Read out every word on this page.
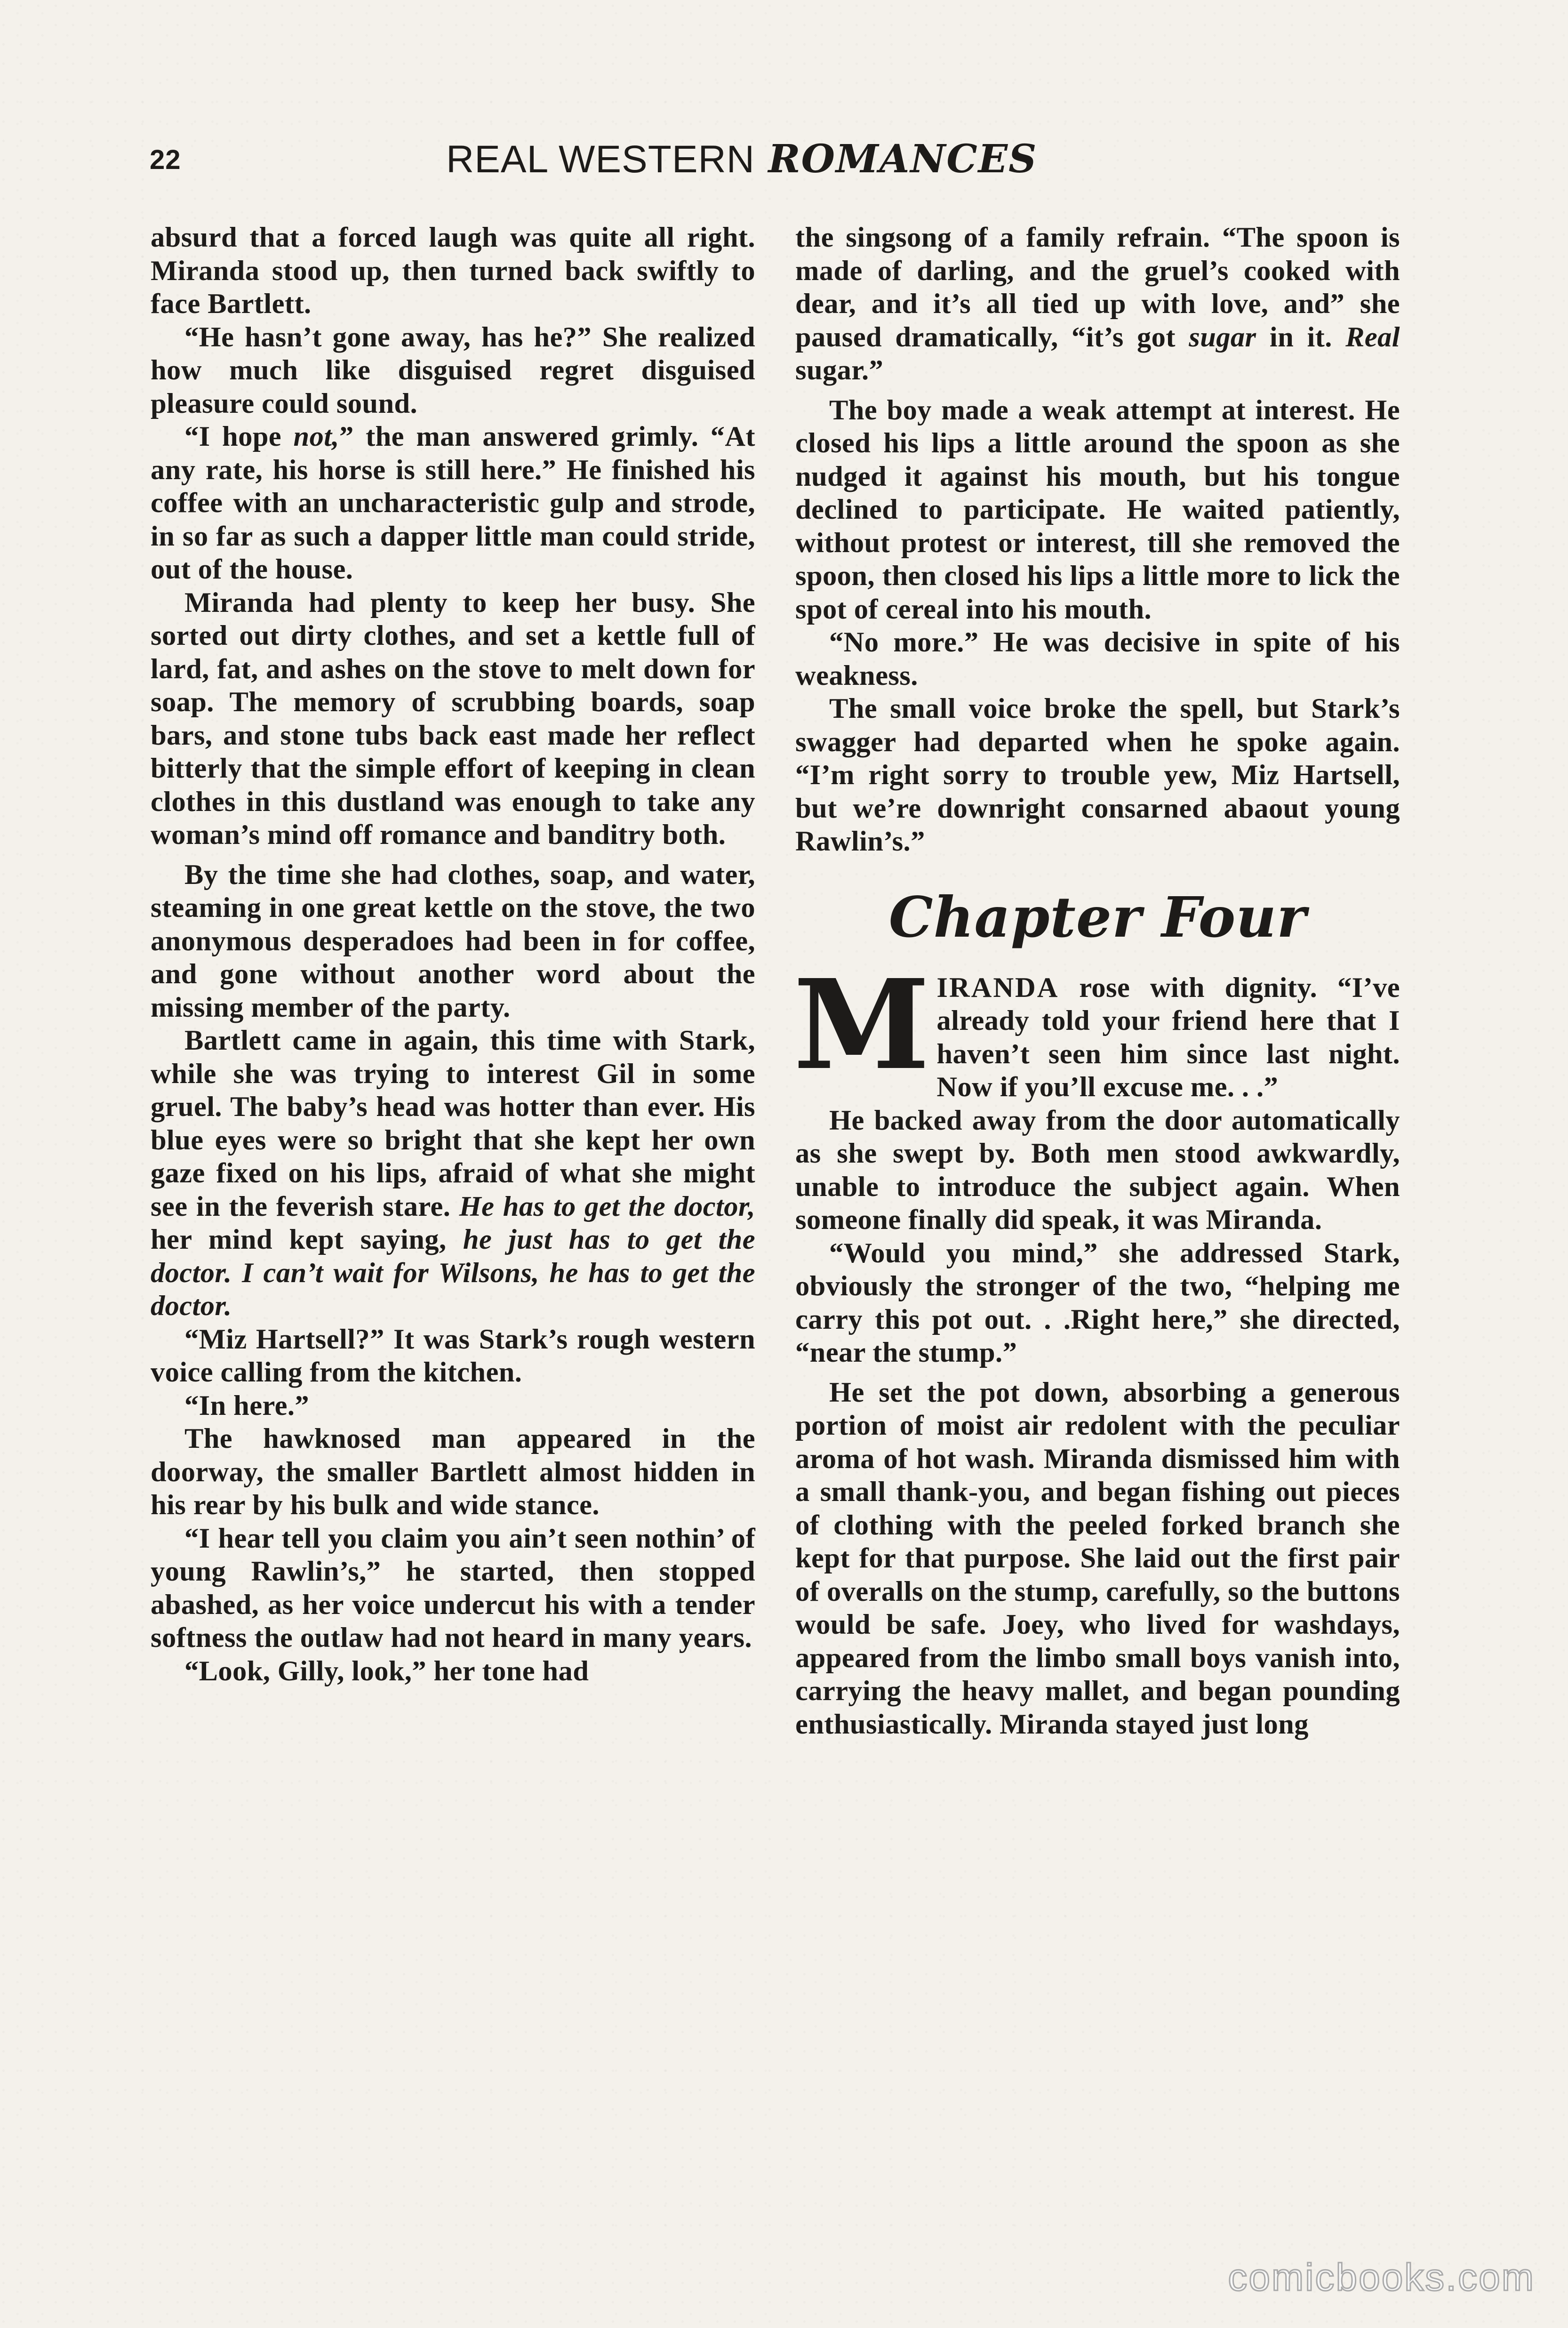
22	REAL WESTERN ROMANCES

absurd that a forced laugh was quite all right. Miranda stood up, then turned back swiftly to face Bartlett.

“He hasn’t gone away, has he?” She realized how much like disguised regret disguised pleasure could sound.

“I hope not,” the man answered grimly. “At any rate, his horse is still here.” He finished his coffee with an uncharacteristic gulp and strode, in so far as such a dapper little man could stride, out of the house.

Miranda had plenty to keep her busy. She sorted out dirty clothes, and set a kettle full of lard, fat, and ashes on the stove to melt down for soap. The memory of scrubbing boards, soap bars, and stone tubs back east made her reflect bitterly that the simple effort of keeping in clean clothes in this dustland was enough to take any woman’s mind off romance and banditry both.

By the time she had clothes, soap, and water, steaming in one great kettle on the stove, the two anonymous desperadoes had been in for coffee, and gone without another word about the missing member of the party.

Bartlett came in again, this time with Stark, while she was trying to interest Gil in some gruel. The baby’s head was hotter than ever. His blue eyes were so bright that she kept her own gaze fixed on his lips, afraid of what she might see in the feverish stare. He has to get the doctor, her mind kept saying, he just has to get the doctor. I can’t wait for Wilsons, he has to get the doctor.

“Miz Hartsell?” It was Stark’s rough western voice calling from the kitchen.

“In here.”

The hawknosed man appeared in the doorway, the smaller Bartlett almost hidden in his rear by his bulk and wide stance.

“I hear tell you claim you ain’t seen nothin’ of young Rawlin’s,” he started, then stopped abashed, as her voice undercut his with a tender softness the outlaw had not heard in many years.

“Look, Gilly, look,” her tone had

the singsong of a family refrain. “The spoon is made of darling, and the gruel’s cooked with dear, and it’s all tied up with love, and” she paused dramatically, “it’s got sugar in it. Real sugar.”

The boy made a weak attempt at interest. He closed his lips a little around the spoon as she nudged it against his mouth, but his tongue declined to participate. He waited patiently, without protest or interest, till she removed the spoon, then closed his lips a little more to lick the spot of cereal into his mouth.

“No more.” He was decisive in spite of his weakness.

The small voice broke the spell, but Stark’s swagger had departed when he spoke again. “I’m right sorry to trouble yew, Miz Hartsell, but we’re downright consarned abaout young Rawlin’s.”

Chapter Four

MIRANDA rose with dignity. “I’ve already told your friend here that I haven’t seen him since last night. Now if you’ll excuse me. . .”

He backed away from the door automatically as she swept by. Both men stood awkwardly, unable to introduce the subject again. When someone finally did speak, it was Miranda.

“Would you mind,” she addressed Stark, obviously the stronger of the two, “helping me carry this pot out. . .Right here,” she directed, “near the stump.”

He set the pot down, absorbing a generous portion of moist air redolent with the peculiar aroma of hot wash. Miranda dismissed him with a small thank-you, and began fishing out pieces of clothing with the peeled forked branch she kept for that purpose. She laid out the first pair of overalls on the stump, carefully, so the buttons would be safe. Joey, who lived for washdays, appeared from the limbo small boys vanish into, carrying the heavy mallet, and began pounding enthusiastically. Miranda stayed just long

comicbooks.com
